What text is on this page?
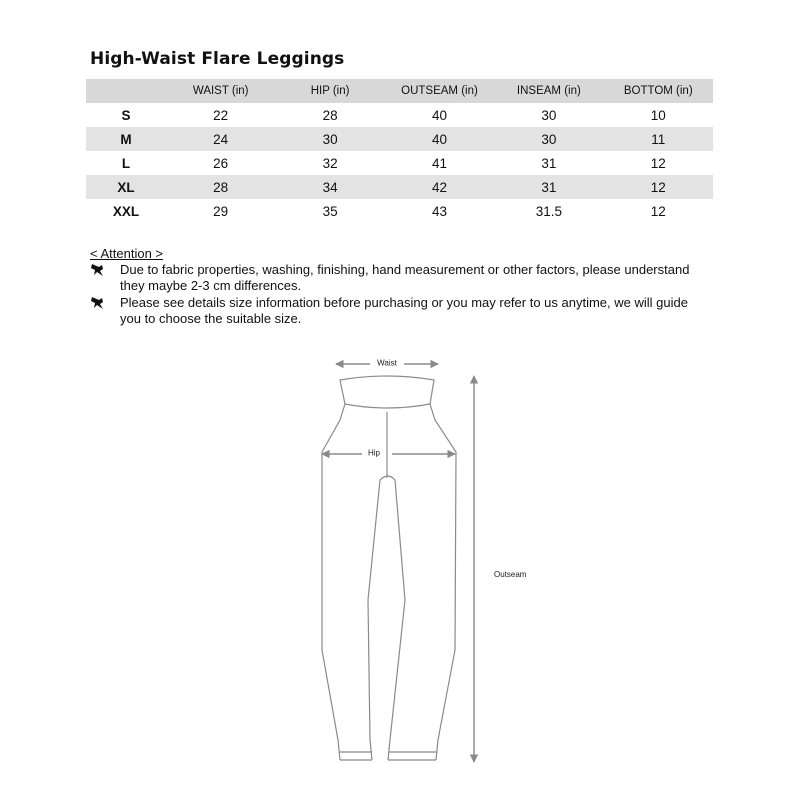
High-Waist Flare Leggings
	WAIST (in)	HIP (in)	OUTSEAM (in)	INSEAM (in)	BOTTOM (in)
S	22	28	40	30	10
M	24	30	40	30	11
L	26	32	41	31	12
XL	28	34	42	31	12
XXL	29	35	43	31.5	12
< Attention >
Due to fabric properties, washing, finishing, hand measurement or other factors, please understand they maybe 2-3 cm differences.
Please see details size information before purchasing or you may refer to us anytime, we will guide you to choose the suitable size.
Waist
Hip
Outseam
